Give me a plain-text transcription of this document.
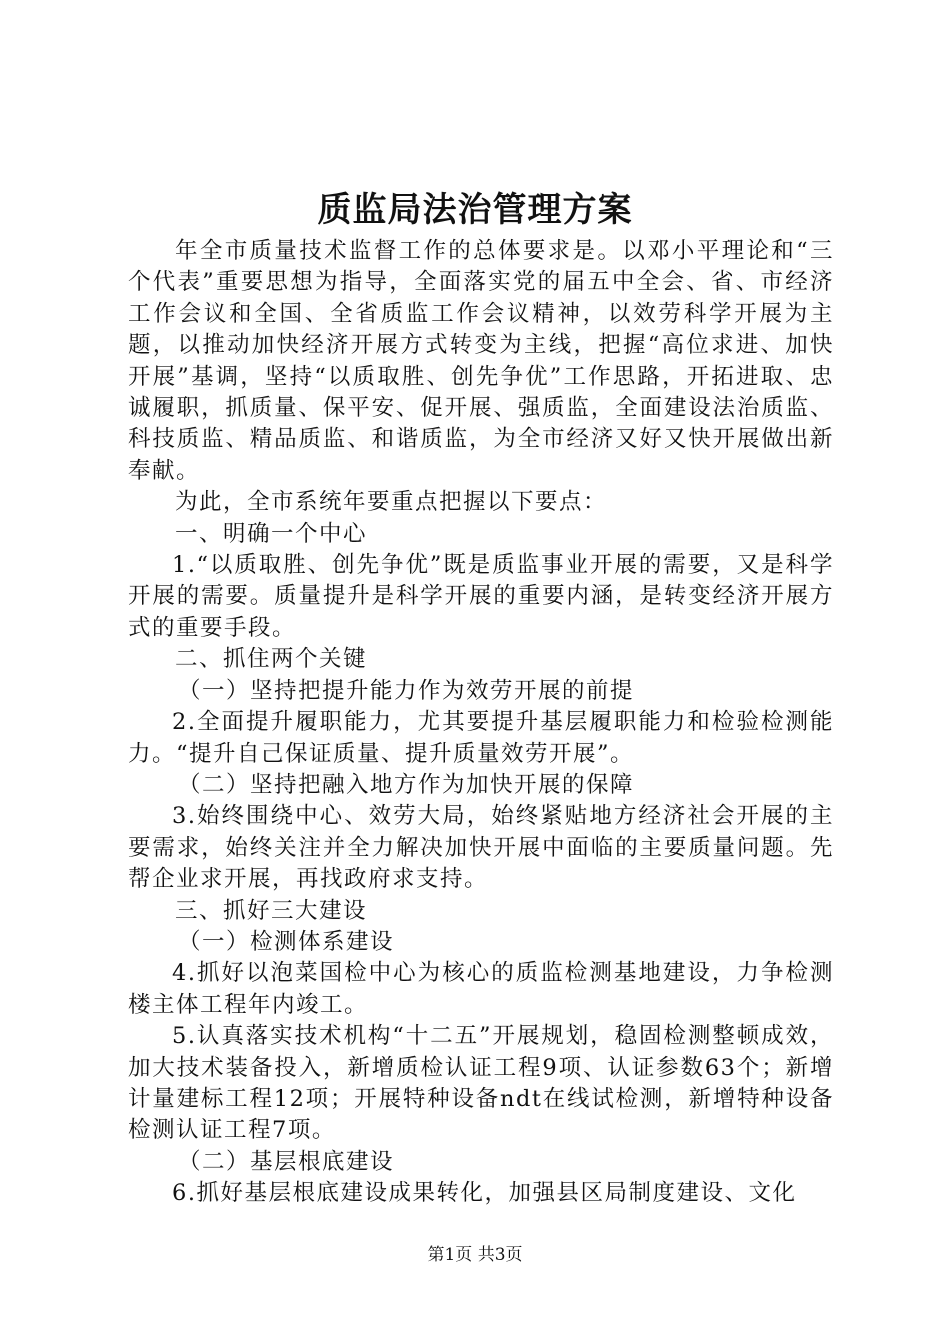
质监局法治管理方案

年全市质量技术监督工作的总体要求是。以邓小平理论和“三个代表”重要思想为指导，全面落实党的届五中全会、省、市经济工作会议和全国、全省质监工作会议精神，以效劳科学开展为主题，以推动加快经济开展方式转变为主线，把握“高位求进、加快开展”基调，坚持“以质取胜、创先争优”工作思路，开拓进取、忠诚履职，抓质量、保平安、促开展、强质监，全面建设法治质监、科技质监、精品质监、和谐质监，为全市经济又好又快开展做出新奉献。

为此，全市系统年要重点把握以下要点：

一、明确一个中心

1.“以质取胜、创先争优”既是质监事业开展的需要，又是科学开展的需要。质量提升是科学开展的重要内涵，是转变经济开展方式的重要手段。

二、抓住两个关键

（一）坚持把提升能力作为效劳开展的前提

2.全面提升履职能力，尤其要提升基层履职能力和检验检测能力。“提升自己保证质量、提升质量效劳开展”。

（二）坚持把融入地方作为加快开展的保障

3.始终围绕中心、效劳大局，始终紧贴地方经济社会开展的主要需求，始终关注并全力解决加快开展中面临的主要质量问题。先帮企业求开展，再找政府求支持。

三、抓好三大建设

（一）检测体系建设

4.抓好以泡菜国检中心为核心的质监检测基地建设，力争检测楼主体工程年内竣工。

5.认真落实技术机构“十二五”开展规划，稳固检测整顿成效，加大技术装备投入，新增质检认证工程9项、认证参数63个；新增计量建标工程12项；开展特种设备ndt在线试检测，新增特种设备检测认证工程7项。

（二）基层根底建设

6.抓好基层根底建设成果转化，加强县区局制度建设、文化

第1页 共3页
